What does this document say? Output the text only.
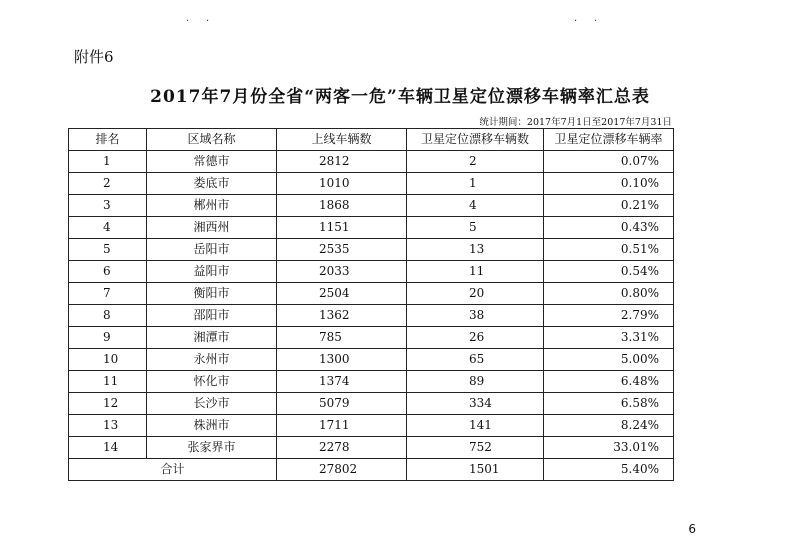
· ·	· ·
附件6
2017年7月份全省“两客一危”车辆卫星定位漂移车辆率汇总表
统计期间：2017年7月1日至2017年7月31日
排名	区域名称	上线车辆数	卫星定位漂移车辆数	卫星定位漂移车辆率
1	常德市	2812	2	0.07%
2	娄底市	1010	1	0.10%
3	郴州市	1868	4	0.21%
4	湘西州	1151	5	0.43%
5	岳阳市	2535	13	0.51%
6	益阳市	2033	11	0.54%
7	衡阳市	2504	20	0.80%
8	邵阳市	1362	38	2.79%
9	湘潭市	785	26	3.31%
10	永州市	1300	65	5.00%
11	怀化市	1374	89	6.48%
12	长沙市	5079	334	6.58%
13	株洲市	1711	141	8.24%
14	张家界市	2278	752	33.01%
合计		27802	1501	5.40%
6
